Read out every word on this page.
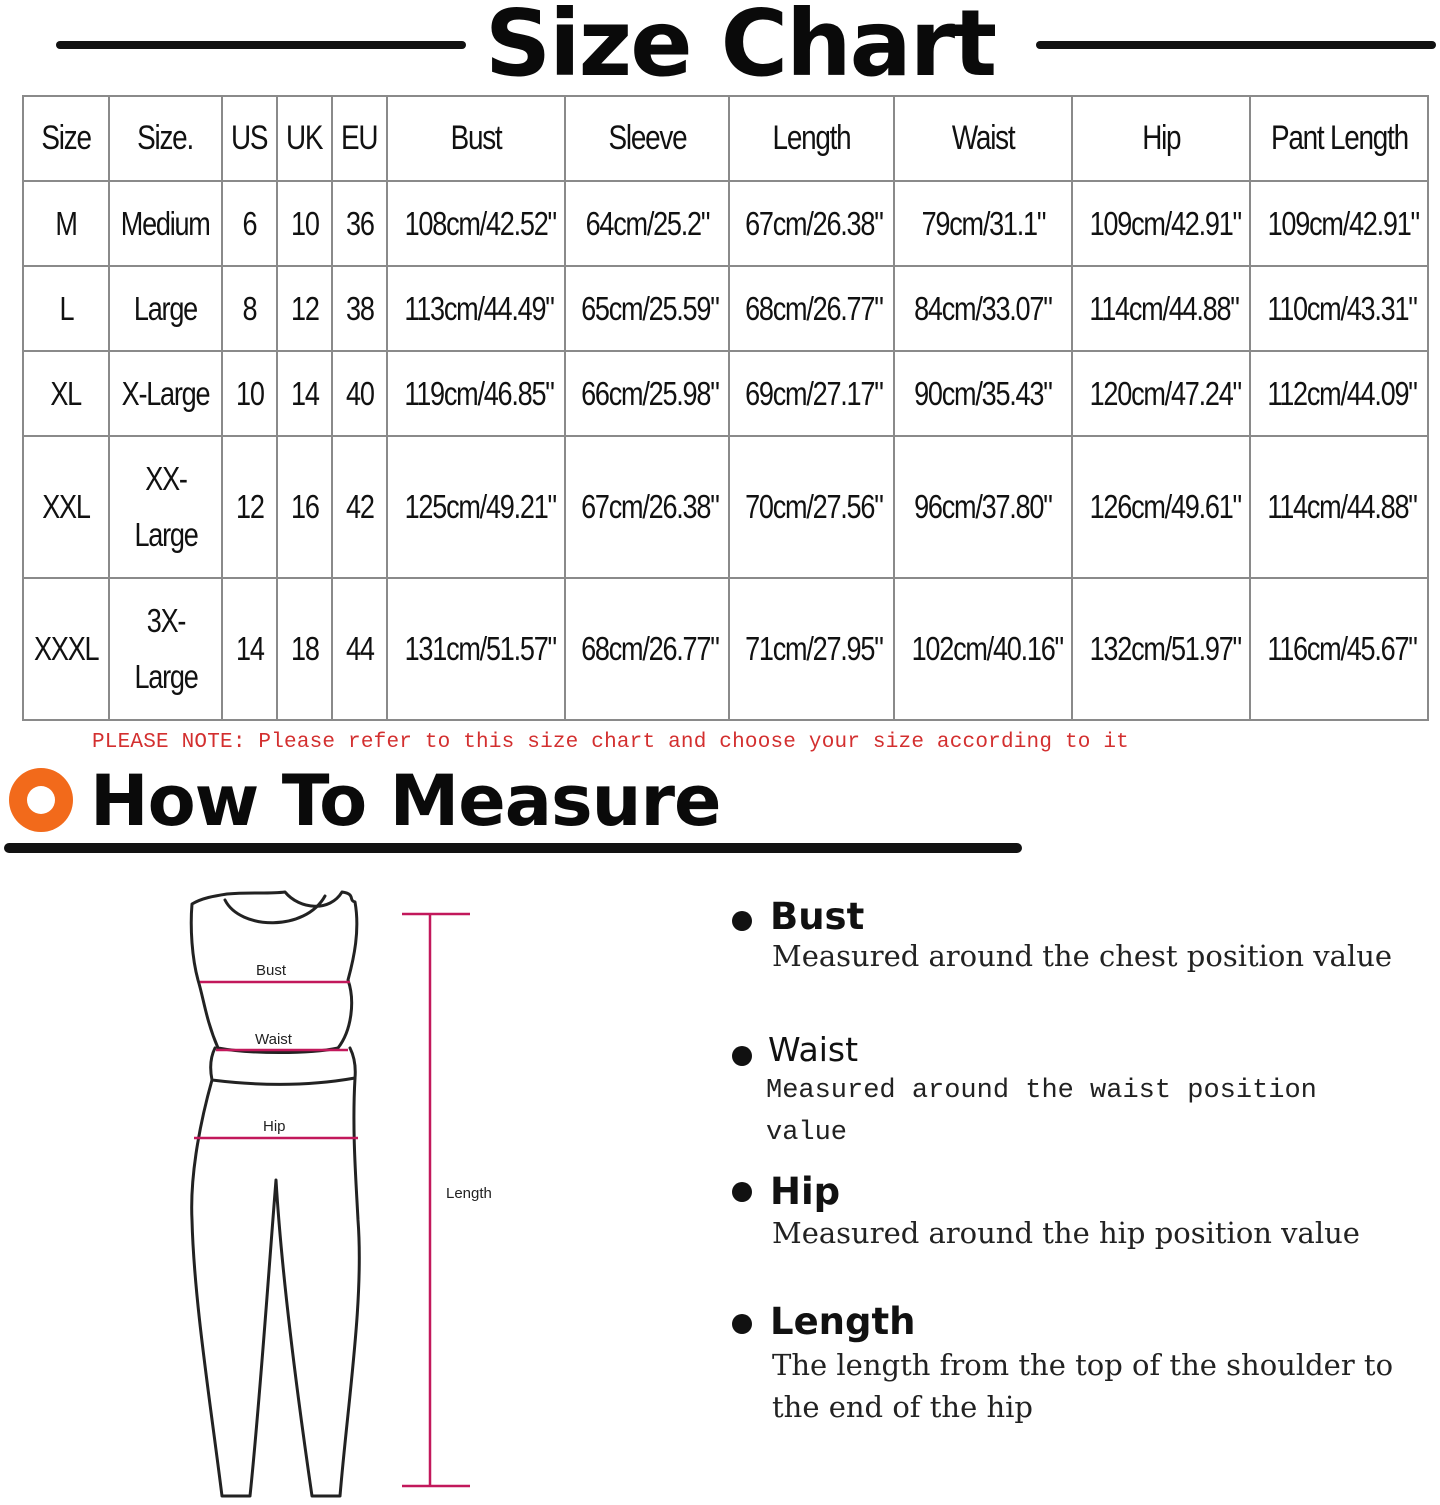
Size Chart
Size	Size.	US	UK	EU	Bust	Sleeve	Length	Waist	Hip	Pant Length
M	Medium	6	10	36	108cm/42.52"	64cm/25.2"	67cm/26.38"	79cm/31.1"	109cm/42.91"	109cm/42.91"
L	Large	8	12	38	113cm/44.49"	65cm/25.59"	68cm/26.77"	84cm/33.07"	114cm/44.88"	110cm/43.31"
XL	X-Large	10	14	40	119cm/46.85"	66cm/25.98"	69cm/27.17"	90cm/35.43"	120cm/47.24"	112cm/44.09"
XXL	XX-Large	12	16	42	125cm/49.21"	67cm/26.38"	70cm/27.56"	96cm/37.80"	126cm/49.61"	114cm/44.88"
XXXL	3X-Large	14	18	44	131cm/51.57"	68cm/26.77"	71cm/27.95"	102cm/40.16"	132cm/51.97"	116cm/45.67"
PLEASE NOTE: Please refer to this size chart and choose your size according to it
How To Measure
Bust
Waist
Hip
Length
Bust
Measured around the chest position value
Waist
Measured around the waist position value
Hip
Measured around the hip position value
Length
The length from the top of the shoulder to the end of the hip
